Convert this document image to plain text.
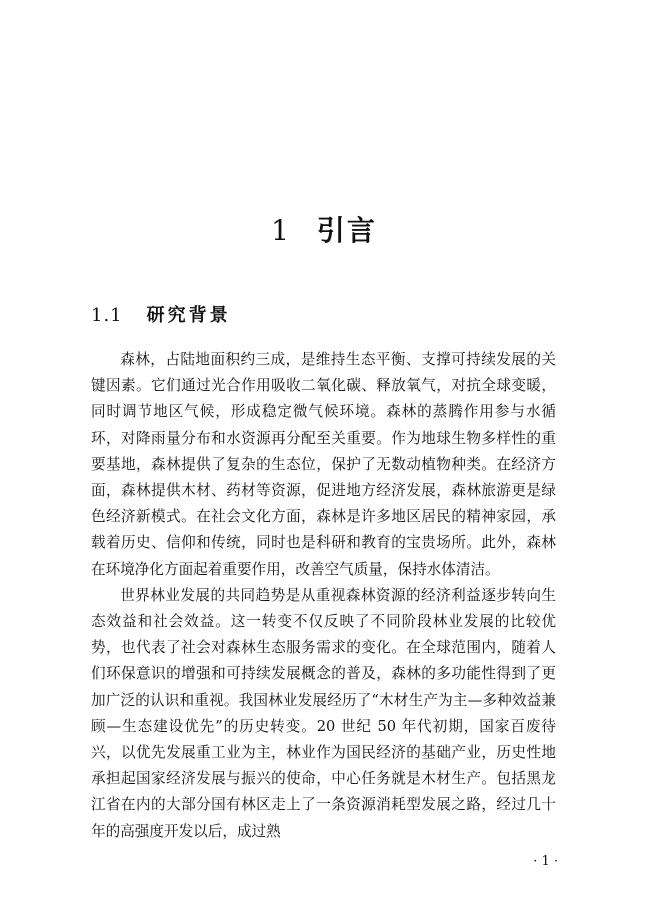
1 引言
1.1 研究背景

森林，占陆地面积约三成，是维持生态平衡、支撑可持续发展的关键因素。它们通过光合作用吸收二氧化碳、释放氧气，对抗全球变暖，同时调节地区气候，形成稳定微气候环境。森林的蒸腾作用参与水循环，对降雨量分布和水资源再分配至关重要。作为地球生物多样性的重要基地，森林提供了复杂的生态位，保护了无数动植物种类。在经济方面，森林提供木材、药材等资源，促进地方经济发展，森林旅游更是绿色经济新模式。在社会文化方面，森林是许多地区居民的精神家园，承载着历史、信仰和传统，同时也是科研和教育的宝贵场所。此外，森林在环境净化方面起着重要作用，改善空气质量，保持水体清洁。

世界林业发展的共同趋势是从重视森林资源的经济利益逐步转向生态效益和社会效益。这一转变不仅反映了不同阶段林业发展的比较优势，也代表了社会对森林生态服务需求的变化。在全球范围内，随着人们环保意识的增强和可持续发展概念的普及，森林的多功能性得到了更加广泛的认识和重视。我国林业发展经历了“木材生产为主—多种效益兼顾—生态建设优先”的历史转变。20 世纪 50 年代初期，国家百废待兴，以优先发展重工业为主，林业作为国民经济的基础产业，历史性地承担起国家经济发展与振兴的使命，中心任务就是木材生产。包括黑龙江省在内的大部分国有林区走上了一条资源消耗型发展之路，经过几十年的高强度开发以后，成过熟

· 1 ·
